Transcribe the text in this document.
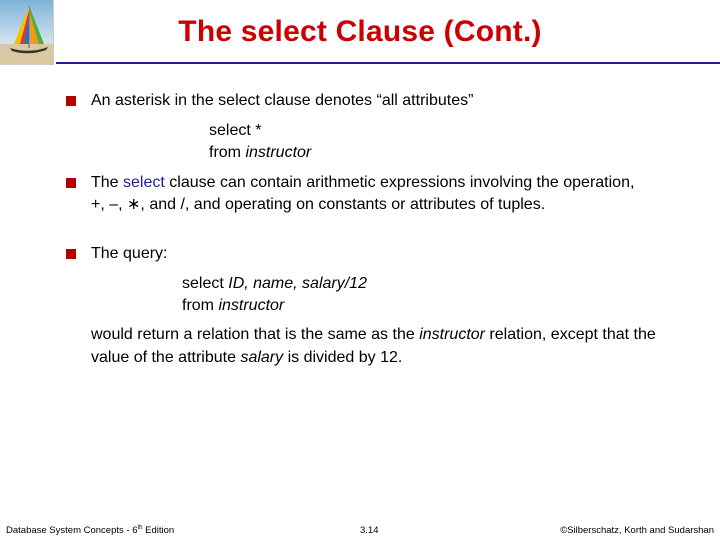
The select Clause (Cont.)
An asterisk in the select clause denotes “all attributes”
select *
from instructor
The select clause can contain arithmetic expressions involving the operation, +, –, ∗, and /, and operating on constants or attributes of tuples.
The query:
select ID, name, salary/12
from instructor
would return a relation that is the same as the instructor relation, except that the value of the attribute salary is divided by 12.
Database System Concepts - 6th Edition	3.14	©Silberschatz, Korth and Sudarshan
